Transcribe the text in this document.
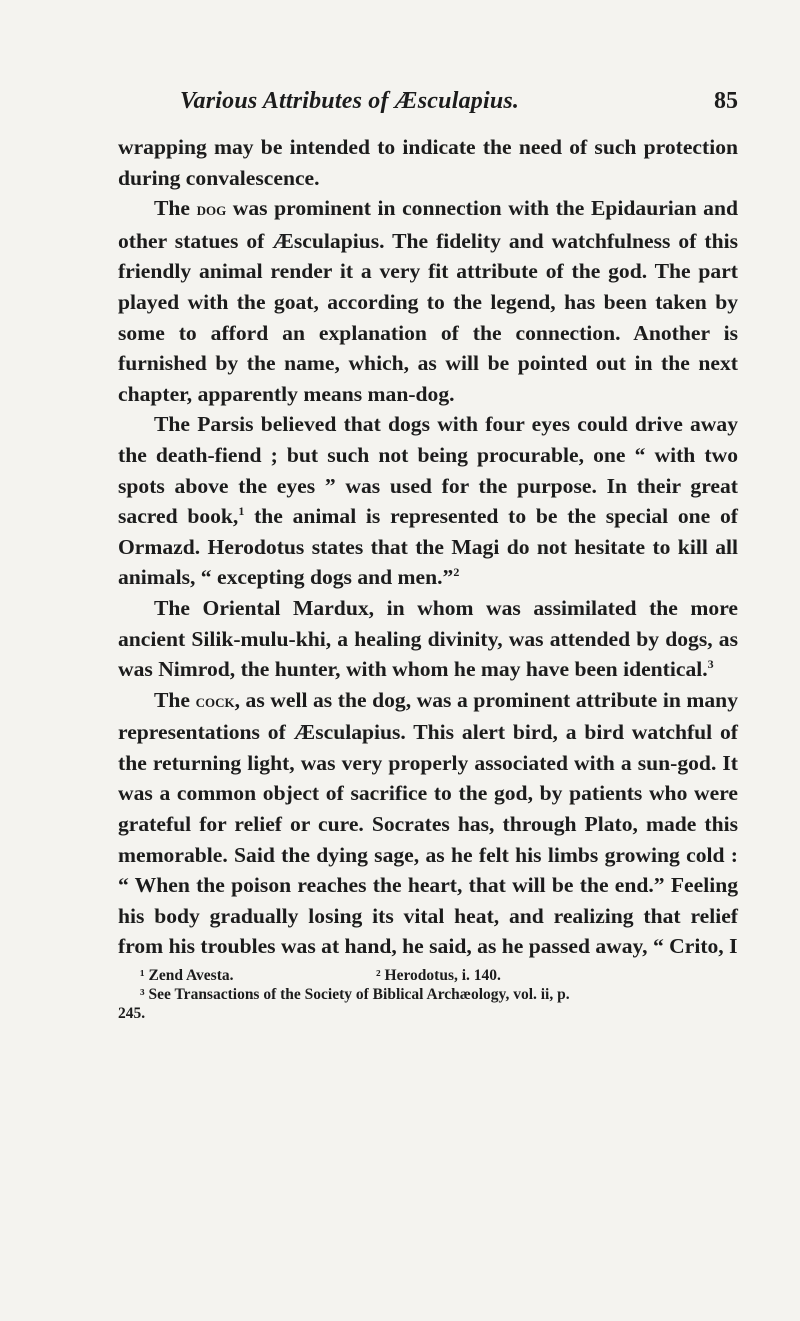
Various Attributes of Æsculapius.	85

wrapping may be intended to indicate the need of such protection during convalescence.

The dog was prominent in connection with the Epidaurian and other statues of Æsculapius. The fidelity and watchfulness of this friendly animal render it a very fit attribute of the god. The part played with the goat, according to the legend, has been taken by some to afford an explanation of the connection. Another is furnished by the name, which, as will be pointed out in the next chapter, apparently means man-dog.

The Parsis believed that dogs with four eyes could drive away the death-fiend ; but such not being procurable, one “ with two spots above the eyes ” was used for the purpose. In their great sacred book,$^1$ the animal is represented to be the special one of Ormazd. Herodotus states that the Magi do not hesitate to kill all animals, “ excepting dogs and men.”$^2$

The Oriental Mardux, in whom was assimilated the more ancient Silik-mulu-khi, a healing divinity, was attended by dogs, as was Nimrod, the hunter, with whom he may have been identical.$^3$

The cock, as well as the dog, was a prominent attribute in many representations of Æsculapius. This alert bird, a bird watchful of the returning light, was very properly associated with a sun-god. It was a common object of sacrifice to the god, by patients who were grateful for relief or cure. Socrates has, through Plato, made this memorable. Said the dying sage, as he felt his limbs growing cold : “ When the poison reaches the heart, that will be the end.” Feeling his body gradually losing its vital heat, and realizing that relief from his troubles was at hand, he said, as he passed away, “ Crito, I

¹ Zend Avesta.	² Herodotus, i. 140.
³ See Transactions of the Society of Biblical Archæology, vol. ii, p.
245.
